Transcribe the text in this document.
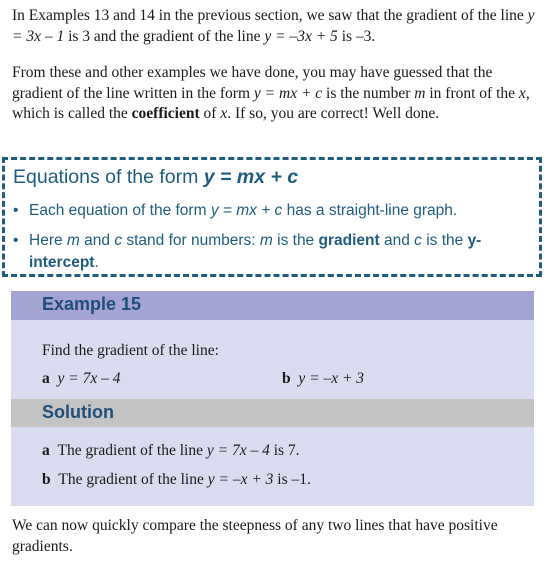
In Examples 13 and 14 in the previous section, we saw that the gradient of the line y = 3x – 1 is 3 and the gradient of the line y = –3x + 5 is –3.

From these and other examples we have done, you may have guessed that the gradient of the line written in the form y = mx + c is the number m in front of the x, which is called the coefficient of x. If so, you are correct! Well done.

Equations of the form y = mx + c

• Each equation of the form y = mx + c has a straight-line graph.

• Here m and c stand for numbers: m is the gradient and c is the y-intercept.

Example 15

Find the gradient of the line:

a y = 7x – 4	b y = –x + 3

Solution

a The gradient of the line y = 7x – 4 is 7.

b The gradient of the line y = –x + 3 is –1.

We can now quickly compare the steepness of any two lines that have positive gradients.
